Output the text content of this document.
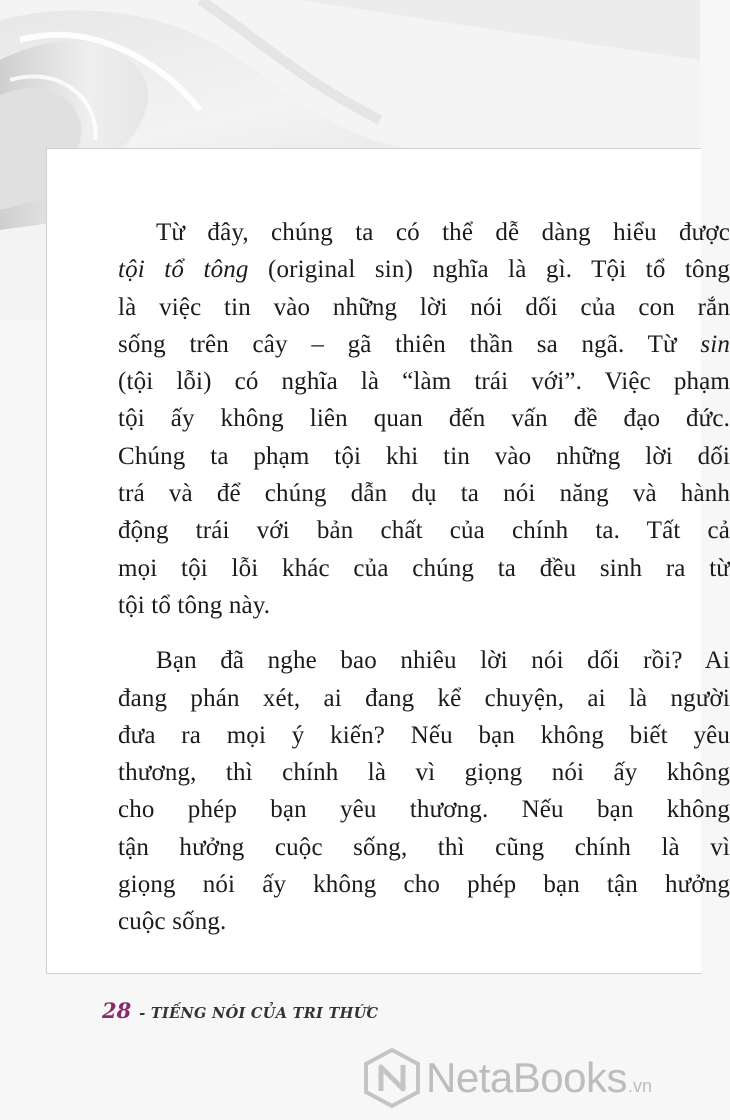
Từ đây, chúng ta có thể dễ dàng hiểu được
tội tổ tông (original sin) nghĩa là gì. Tội tổ tông
là việc tin vào những lời nói dối của con rắn
sống trên cây – gã thiên thần sa ngã. Từ sin
(tội lỗi) có nghĩa là “làm trái với”. Việc phạm
tội ấy không liên quan đến vấn đề đạo đức.
Chúng ta phạm tội khi tin vào những lời dối
trá và để chúng dẫn dụ ta nói năng và hành
động trái với bản chất của chính ta. Tất cả
mọi tội lỗi khác của chúng ta đều sinh ra từ
tội tổ tông này.

Bạn đã nghe bao nhiêu lời nói dối rồi? Ai
đang phán xét, ai đang kể chuyện, ai là người
đưa ra mọi ý kiến? Nếu bạn không biết yêu
thương, thì chính là vì giọng nói ấy không
cho phép bạn yêu thương. Nếu bạn không
tận hưởng cuộc sống, thì cũng chính là vì
giọng nói ấy không cho phép bạn tận hưởng
cuộc sống.

28 - TIẾNG NÓI CỦA TRI THỨC
NetaBooks .vn
